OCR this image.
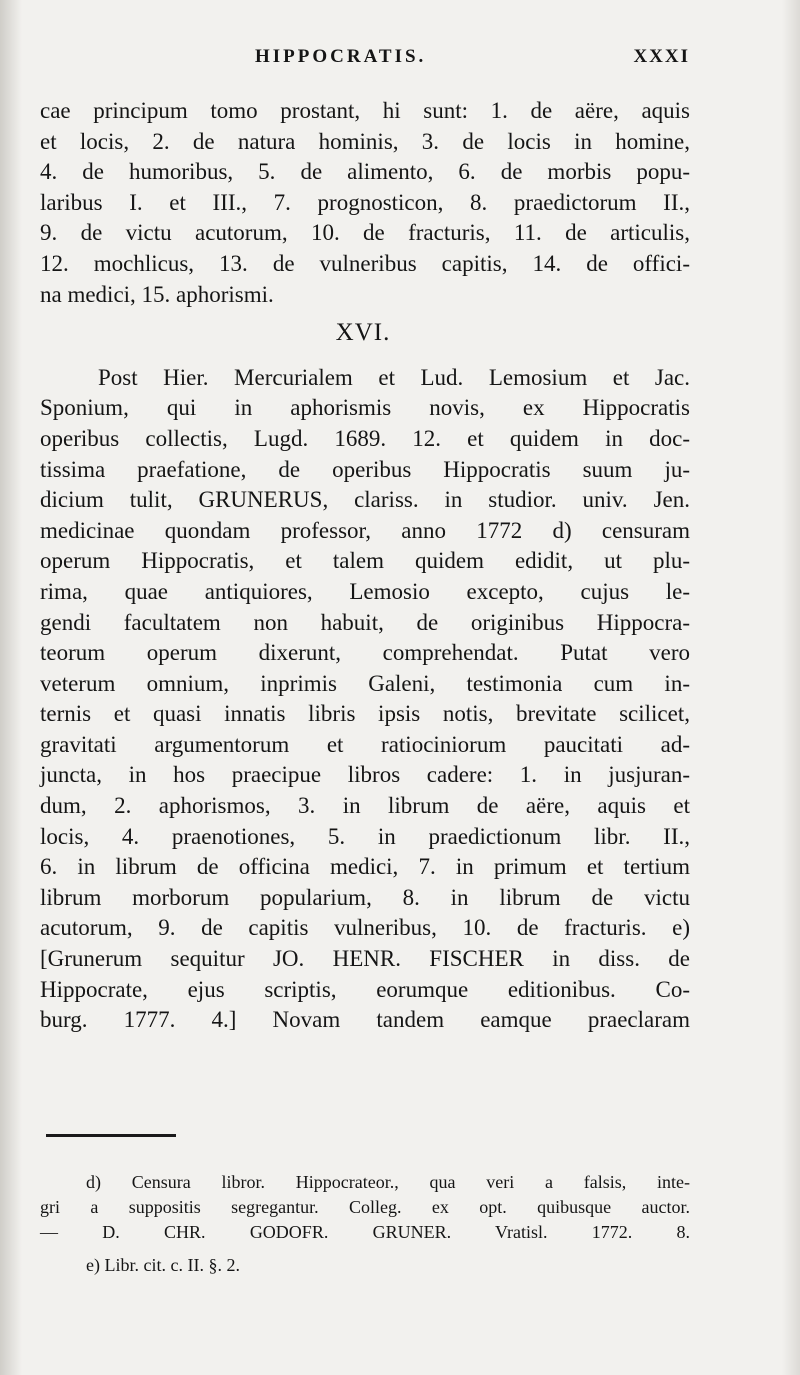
HIPPOCRATIS.	XXXI
cae principum tomo prostant, hi sunt: 1. de aëre, aquis
et locis, 2. de natura hominis, 3. de locis in homine,
4. de humoribus, 5. de alimento, 6. de morbis popu-
laribus I. et III., 7. prognosticon, 8. praedictorum II.,
9. de victu acutorum, 10. de fracturis, 11. de articulis,
12. mochlicus, 13. de vulneribus capitis, 14. de offici-
na medici, 15. aphorismi.
XVI.
Post Hier. Mercurialem et Lud. Lemosium et Jac.
Sponium, qui in aphorismis novis, ex Hippocratis
operibus collectis, Lugd. 1689. 12. et quidem in doc-
tissima praefatione, de operibus Hippocratis suum ju-
dicium tulit, GRUNERUS, clariss. in studior. univ. Jen.
medicinae quondam professor, anno 1772 d) censuram
operum Hippocratis, et talem quidem edidit, ut plu-
rima, quae antiquiores, Lemosio excepto, cujus le-
gendi facultatem non habuit, de originibus Hippocra-
teorum operum dixerunt, comprehendat. Putat vero
veterum omnium, inprimis Galeni, testimonia cum in-
ternis et quasi innatis libris ipsis notis, brevitate scilicet,
gravitati argumentorum et ratiociniorum paucitati ad-
juncta, in hos praecipue libros cadere: 1. in jusjuran-
dum, 2. aphorismos, 3. in librum de aëre, aquis et
locis, 4. praenotiones, 5. in praedictionum libr. II.,
6. in librum de officina medici, 7. in primum et tertium
librum morborum popularium, 8. in librum de victu
acutorum, 9. de capitis vulneribus, 10. de fracturis. e)
[Grunerum sequitur JO. HENR. FISCHER in diss. de
Hippocrate, ejus scriptis, eorumque editionibus. Co-
burg. 1777. 4.] Novam tandem eamque praeclaram
d) Censura libror. Hippocrateor., qua veri a falsis, inte-
gri a suppositis segregantur. Colleg. ex opt. quibusque auctor.
— D. CHR. GODOFR. GRUNER. Vratisl. 1772. 8.
e) Libr. cit. c. II. §. 2.
